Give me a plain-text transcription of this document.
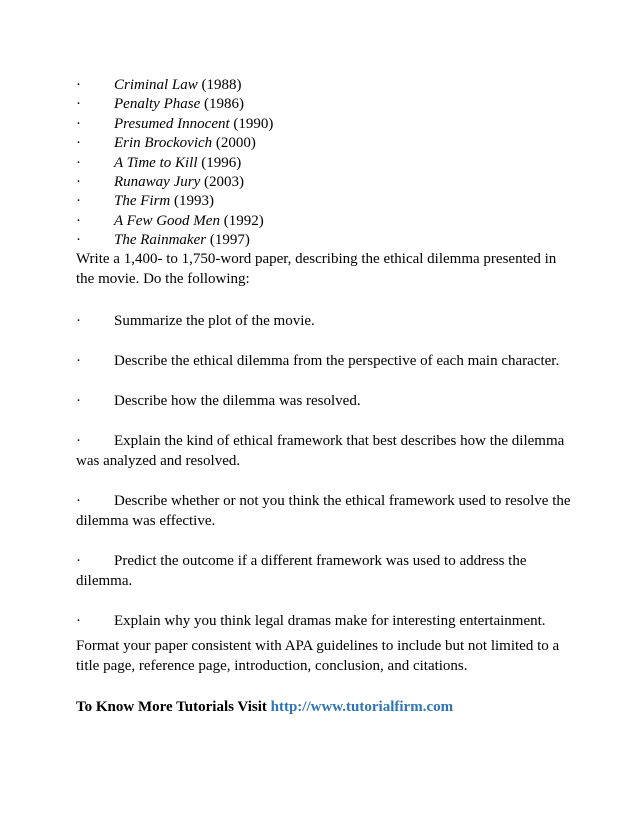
· Criminal Law (1988)
· Penalty Phase (1986)
· Presumed Innocent (1990)
· Erin Brockovich (2000)
· A Time to Kill (1996)
· Runaway Jury (2003)
· The Firm (1993)
· A Few Good Men (1992)
· The Rainmaker (1997)

Write a 1,400- to 1,750-word paper, describing the ethical dilemma presented in the movie. Do the following:

· Summarize the plot of the movie.
· Describe the ethical dilemma from the perspective of each main character.
· Describe how the dilemma was resolved.
· Explain the kind of ethical framework that best describes how the dilemma was analyzed and resolved.
· Describe whether or not you think the ethical framework used to resolve the dilemma was effective.
· Predict the outcome if a different framework was used to address the dilemma.
· Explain why you think legal dramas make for interesting entertainment.

Format your paper consistent with APA guidelines to include but not limited to a title page, reference page, introduction, conclusion, and citations.

To Know More Tutorials Visit http://www.tutorialfirm.com
